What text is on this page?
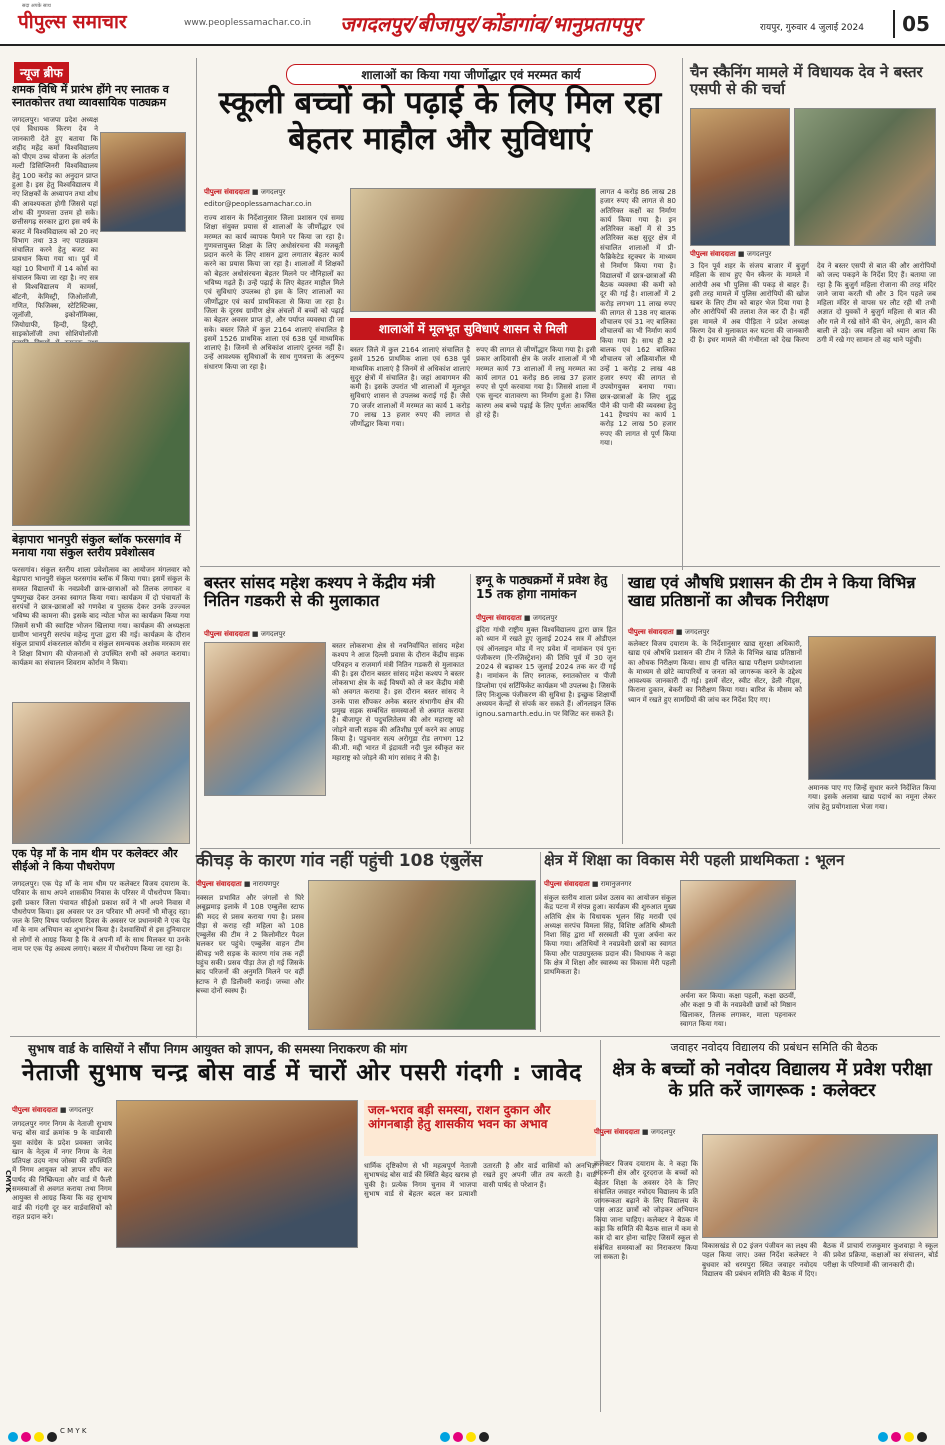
सदा अपके साथ
पीपुल्स समाचार	www.peoplessamachar.co.in जगदलपुर/बीजापुर/कोंडागांव/भानुप्रतापपुर	रायपुर, गुरुवार 4 जुलाई 2024	05
न्यूज ब्रीफ
शमक विधि में प्रारंभ होंगे नए स्नातक व स्नातकोत्तर तथा व्यावसायिक पाठ्यक्रम
जगदलपुर। भाजपा प्रदेश अध्यक्ष एवं विधायक किरण देव ने जानकारी देते हुए बताया कि शहीद महेंद्र कर्मा विश्वविद्यालय को पीएम उच्च योजना के अंतर्गत मल्टी डिसिप्लिनरी विश्वविद्यालय हेतु 100 करोड़ का अनुदान प्राप्त हुआ है। इस हेतु विश्वविद्यालय में नए शिक्षकों के अध्यापन तथा शोध की आवश्यकता होगी जिससे यहां शोध की गुणवत्ता उत्तम हो सके। छत्तीसगढ़ सरकार द्वारा इस वर्ष के बजट में विश्वविद्यालय को 20 नए विभाग तथा 33 नए पाठ्यक्रम संचालित करने हेतु बजट का प्रावधान किया गया था। पूर्व में यहां 10 विभागों में 14 कोर्स का संचालन किया जा रहा है। नए सत्र से विश्वविद्यालय में कामर्स, बॉटनी, केमिस्ट्री, जिओलॉजी, गणित, फिजिक्स, स्टेटिस्टिक्स, जूलॉजी, इकोनॉमिक्स, जियोग्राफी, हिन्दी, हिस्ट्री, साइकोलॉजी तथा सोशियोलॉजी
बेड़ापारा भानपुरी संकुल ब्लॉक फरसगांव में मनाया गया संकुल स्तरीय प्रवेशोत्सव
फरसगांव। संकुल स्तरीय शाला प्रवेशोत्सव का आयोजन मंगलवार को बेड़ापारा भानपुरी संकुल फरसगांव ब्लॉक में किया गया। इसमें संकुल के समस्त विद्यालयों के नवप्रवेशी छात्र-छात्राओं को तिलक लगाकर व पुष्पगुच्छ देकर उनका स्वागत किया गया। कार्यक्रम में दो पंचायतों के सरपंचों ने छात्र-छात्राओं को गणवेश व पुस्तक देकर उनके उज्ज्वल भविष्य की कामना की। इसके बाद न्योता भोज का कार्यक्रम किया गया जिसमें सभी की स्वादिष्ट भोजन खिलाया गया। कार्यक्रम की अध्यक्षता ग्रामीण भानपुरी सरपंच महेन्द्र गुप्ता द्वारा की गई। कार्यक्रम के दौरान संकुल प्राचार्य शंकरलाल कोर्राम व संकुल समन्वयक अशोक मरकाम सर ने शिक्षा विभाग की योजनाओं से उपस्थित सभी को अवगत कराया। कार्यक्रम का संचालन शिवराम कोर्राम ने किया।
एक पेड़ माँ के नाम थीम पर कलेक्टर और सीईओ ने किया पौधरोपण
जगदलपुर। एक पेड़ माँ के नाम थीम पर कलेक्टर विजय दयाराम के. परिवार के साथ अपने शासकीय निवास के परिसर में पौधरोपण किया। इसी प्रकार जिला पंचायत सीईओ प्रकाश सर्वे ने भी अपने निवास में पौधरोपण किया। इस अवसर पर उन परिवार भी अपनों भी मौजूद रहा। जल के लिए विषय पर्यावरण दिवस के अवसर पर प्रधानमंत्री ने एक पेड़ माँ के नाम अभियान का शुभारंभ किया है। देशवासियों से इस दुनियादार से लोगों से आग्रह किया है कि वे अपनी माँ के साथ मिलकर या उनके नाम पर एक पेड़ अवश्य लगाएं। बस्तर में पौधरोपण किया जा रहा है।
शालाओं का किया गया जीर्णोद्धार एवं मरम्मत कार्य
स्कूली बच्चों को पढ़ाई के लिए मिल रहा बेहतर माहौल और सुविधाएं
पीपुल्स संवाददाता ■ जगदलपुर
editor@peoplessamachar.co.in
राज्य शासन के निर्देशानुसार जिला प्रशासन एवं समग्र शिक्षा संयुक्त प्रयास से शालाओं के जीर्णोद्धार एवं मरम्मत का कार्य व्यापक पैमाने पर किया जा रहा है। गुणवत्तायुक्त शिक्षा के लिए अधोसंरचना की मजबूती प्रदान करने के लिए शासन द्वारा लगातार बेहतर कार्य करने का प्रयास किया जा रहा है। शालाओं में शिक्षकों को बेहतर अधोसंरचना बेहतर मिलने पर नौनिहालों का भविष्य गढ़ते हैं। उन्हें पढ़ाई के लिए बेहतर माहौल मिले एवं सुविधाएं उपलब्ध हो इस के लिए शालाओं का जीर्णोद्धार एवं कार्य प्राथमिकता से किया जा रहा है। जिला के दूरस्थ ग्रामीण क्षेत्र अंचलों में बच्चों को पढ़ाई का बेहतर अवसर प्राप्त हो, और पर्याप्त व्यवस्था दी जा सके। बस्तर जिले में कुल 2164 शालाएं संचालित है इसमें 1526 प्राथमिक शाला एवं 638 पूर्व माध्यमिक शालाएं है। जिनमें से अधिकांश शालाएं दुरुस्त नहीं है। उन्हें आवश्यक सुविधाओं के साथ गुणवत्ता के अनुरूप संधारण किया जा रहा है।
लागत 4 करोड़ 86 लाख 28 हजार रुपए की लागत से 80 अतिरिक्त कक्षों का निर्माण कार्य किया गया है। इन अतिरिक्त कक्षों में से 35 अतिरिक्त कक्ष सुदूर क्षेत्र में संचालित शालाओं में प्री-फैब्रिकेटेड स्ट्रक्चर के माध्यम से निर्माण किया गया है। विद्यालयों में छात्र-छात्राओं की बैठक व्यवस्था की कमी को दूर की गई है। शालाओं में 2 करोड़ लगभग 11 लाख रुपए की लागत से 138 नए बालक शौचालय एवं 31 नए बालिका शौचालयों का भी निर्माण कार्य किया गया है। साथ ही 82 बालक एवं 162 बालिका शौचालय जो अक्रियाशील थी उन्हें 1 करोड़ 2 लाख 48 हजार रुपए की लागत से उपयोगयुक्त बनाया गया। छात्र-छात्राओं के लिए शुद्ध पीने की पानी की व्यवस्था हेतु 141 हैण्डपंप का कार्य 1 करोड़ 12 लाख 50 हजार रुपए की लागत से पूर्ण किया गया।
शालाओं में मूलभूत सुविधाएं शासन से मिली
बस्तर जिले में कुल 2164 शालाएं संचालित है इसमें 1526 प्राथमिक शाला एवं 638 पूर्व माध्यमिक शालाएं है जिनमें से अधिकांश शालाएं सुदूर क्षेत्रों में संचालित है। जहां आवागमन की कमी है। इसके उपरांत भी शालाओं में मूलभूत सुविधाएं शासन से उपलब्ध कराई गई हैं। जैसे 70 जर्जर शालाओं में मरम्मत का कार्य 1 करोड़ 70 लाख 13 हजार रुपए की लागत से जीर्णोद्धार किया गया।
रुपए की लागत से जीर्णोद्धार किया गया है। इसी प्रकार आदिवासी क्षेत्र के जर्जर शालाओं में भी मरम्मत कार्य 73 शालाओं में लघु मरम्मत का कार्य लागत 01 करोड़ 86 लाख 37 हजार रुपए से पूर्ण करवाया गया है। जिससे शाला में एक सुन्दर वातावरण का निर्माण हुआ है। जिस कारण अब बच्चे पढ़ाई के लिए पूर्णतः आकर्षित हो रहे हैं।
चैन स्कैनिंग मामले में विधायक देव ने बस्तर एसपी से की चर्चा
पीपुल्स संवाददाता ■ जगदलपुर
3 दिन पूर्व शहर के संजय बाजार में बुजुर्ग महिला के साथ हुए चैन स्कैनर के मामले में आरोपी अब भी पुलिस की पकड़ से बाहर हैं। इसी तरह मामले में पुलिस आरोपियों की खोज खबर के लिए टीम को बाहर भेज दिया गया है और आरोपियों की तलाश तेज कर दी है। वहीं इस मामले में अब पीड़िता ने प्रदेश अध्यक्ष किरण देव से मुलाकात कर घटना की जानकारी दी है। इधर मामले की गंभीरता को देख किरण देव ने बस्तर एसपी से बात की और आरोपियों को जल्द पकड़ने के निर्देश दिए हैं। बताया जा रहा है कि बुजुर्ग महिला रोजाना की तरह मंदिर जाने जाया करती थी और 3 दिन पहले जब महिला मंदिर से वापस घर लौट रही थी तभी अज्ञात दो युवकों ने बुजुर्ग महिला से बात की और गले में रखे सोने की चेन, अंगूठी, कान की बाली ले उड़े। जब महिला को ध्यान आया कि ठगी में रखे गए सामान तो वह थाने पहुंची।
बस्तर सांसद महेश कश्यप ने केंद्रीय मंत्री नितिन गडकरी से की मुलाकात
पीपुल्स संवाददाता ■ जगदलपुर
बस्तर लोकसभा क्षेत्र से नवनिर्वाचित सांसद महेश कश्यप ने आज दिल्ली प्रवास के दौरान केंद्रीय सड़क परिवहन व राजमार्ग मंत्री नितिन गडकरी से मुलाकात की है। इस दौरान बस्तर सांसद महेश कश्यप ने बस्तर लोकसभा क्षेत्र के कई विषयों को ले कर केंद्रीय मंत्री को अवगत कराया है। इस दौरान बस्तर सांसद ने उनके पास सौंपकर अनेक बस्तर संभागीय क्षेत्र की प्रमुख सड़क सम्बंधित समस्याओं से अवगत कराया है। बीजापुर से पदुचलितेलम की ओर महाराष्ट्र को जोड़ने वाली सड़क की अतिशीघ्र पूर्ण करने का आग्रह किया है। पडुचनार सत्य अरोगूडा रोड लगभग 12 की.मी. मद्दी भारत में इंद्रावती नदी पुल स्वीकृत कर महाराष्ट्र को जोड़ने की मांग सांसद ने की है।
इग्नू के पाठ्यक्रमों में प्रवेश हेतु 15 तक होगा नामांकन
पीपुल्स संवाददाता ■ जगदलपुर
इंदिरा गांधी राष्ट्रीय मुक्त विश्वविद्यालय द्वारा छात्र हित को ध्यान में रखते हुए जुलाई 2024 सत्र में ओडीएल एवं ऑनलाइन मोड में नए प्रवेश में नामांकन एवं पुनः पंजीकरण (रि-रजिस्ट्रेशन) की तिथि पूर्व में 30 जून 2024 से बढ़ाकर 15 जुलाई 2024 तक कर दी गई है। नामांकन के लिए स्नातक, स्नातकोत्तर व पीजी डिप्लोमा एवं सर्टिफिकेट कार्यक्रम भी उपलब्ध है। जिसके लिए निःशुल्क पंजीकरण की सुविधा है। इच्छुक शिक्षार्थी अध्ययन केन्द्रों से संपर्क कर सकते हैं। ऑनलाइन लिंक ignou.samarth.edu.in पर विजिट कर सकते हैं।
खाद्य एवं औषधि प्रशासन की टीम ने किया विभिन्न खाद्य प्रतिष्ठानों का औचक निरीक्षण
पीपुल्स संवाददाता ■ जगदलपुर
कलेक्टर विजय दयाराम के. के निर्देशानुसार खाद्य सुरक्षा अधिकारी, खाद्य एवं औषधि प्रशासन की टीम ने जिले के विभिन्न खाद्य प्रतिष्ठानों का औचक निरीक्षण किया। साथ ही चलित खाद्य परीक्षण प्रयोगशाला के माध्यम से छोटे व्यापारियों व जनता को जागरूक करने के उद्देश्य आवश्यक जानकारी दी गई। इसमें सेंटर, स्वीट सेंटर, डेली नीड्स, किराना दुकान, बेकरी का निरीक्षण किया गया। बारिश के मौसम को ध्यान में रखते हुए सामग्रियों की जांच कर निर्देश दिए गए।
अमानक पाए गए जिन्हें सुधार करने निर्देशित किया गया। इसके अलावा खाद्य पदार्थ का नमूना लेकर जांच हेतु प्रयोगशाला भेजा गया।
कीचड़ के कारण गांव नहीं पहुंची 108 एंबुलेंस
पीपुल्स संवाददाता ■ नारायणपुर
नक्सल प्रभावित और जंगलों से घिरे अबूझमाड़ इलाके में 108 एम्बुलेंस स्टाफ की मदद से प्रसव कराया गया है। प्रसव पीड़ा से कराह रही महिला को 108 एम्बुलेंस की टीम ने 2 किलोमीटर पैदल चलकर घर पहुंचे। एम्बुलेंस वाहन टीम कीचड़ भरी सड़क के कारण गांव तक नहीं पहुंच सकी। प्रसव पीड़ा तेज हो गई जिसके बाद परिजनों की अनुमति मिलने पर वहीं स्टाफ ने ही डिलीवरी कराई। जच्चा और बच्चा दोनों स्वस्थ हैं।
क्षेत्र में शिक्षा का विकास मेरी पहली प्राथमिकता : भूलन
पीपुल्स संवाददाता ■ रामानुजनगर
संकुल स्तरीय शाला प्रवेश उत्सव का आयोजन संकुल केंद्र पटना में संपन्न हुआ। कार्यक्रम की शुरुआत मुख्य अतिथि क्षेत्र के विधायक भूलन सिंह मरावी एवं अध्यक्ष सरपंच विमला सिंह, विशिष्ट अतिथि श्रीमती निशा सिंह द्वारा माँ सरस्वती की पूजा अर्चना कर किया गया। अतिथियों ने नवप्रवेशी छात्रों का स्वागत किया और पाठ्यपुस्तक प्रदान की। विधायक ने कहा कि क्षेत्र में शिक्षा और स्वास्थ्य का विकास मेरी पहली प्राथमिकता है।
अर्चना कर किया। कक्षा पहली, कक्षा छठवीं, और कक्षा 9 वीं के नवप्रवेशी छात्रों को मिष्ठान खिलाकर, तिलक लगाकर, माला पहनाकर स्वागत किया गया।
सुभाष वार्ड के वासियों ने सौंपा निगम आयुक्त को ज्ञापन, की समस्या निराकरण की मांग
नेताजी सुभाष चन्द्र बोस वार्ड में चारों ओर पसरी गंदगी : जावेद
पीपुल्स संवाददाता ■ जगदलपुर
जगदलपुर नगर निगम के नेताजी सुभाष चन्द्र बोस वार्ड क्रमांक 9 के वार्डवासी युवा कांग्रेस के प्रदेश प्रवक्ता जावेद खान के नेतृत्व में नगर निगम के नेता प्रतिपक्ष उदय नाथ जोस्वा की उपस्थिति में निगम आयुक्त को ज्ञापन सौंप कर पार्षद की निष्क्रियता और वार्ड में फैली समस्याओं से अवगत कराया तथा निगम आयुक्त से आग्रह किया कि वह सुभाष वार्ड की गंदगी दूर कर वार्डवासियों को राहत प्रदान करे।
जल-भराव बड़ी समस्या, राशन दुकान और आंगनबाड़ी हेतु शासकीय भवन का अभाव
धार्मिक दृष्टिकोण से भी महत्वपूर्ण नेताजी सुभाषचंद्र बोस वार्ड की स्थिति बेहद खराब हो चुकी है। प्रत्येक निगम चुनाव में भाजपा सुभाष वार्ड से बेहतर बदल कर प्रत्याशी उतारती है और वार्ड वासियों को अनभिज्ञ रखते हुए अपनी जीत तय करती है। वार्ड वासी पार्षद से परेशान हैं।
जवाहर नवोदय विद्यालय की प्रबंधन समिति की बैठक
क्षेत्र के बच्चों को नवोदय विद्यालय में प्रवेश परीक्षा के प्रति करें जागरूक : कलेक्टर
पीपुल्स संवाददाता ■ जगदलपुर
कलेक्टर विजय दयाराम के. ने कहा कि अंदरूनी क्षेत्र और दूरदराज के बच्चों को बेहतर शिक्षा के अवसर देने के लिए संचालित जवाहर नवोदय विद्यालय के प्रति जागरूकता बढ़ाने के लिए विद्यालय के पास आउट छात्रों को जोड़कर अभियान किया जाना चाहिए। कलेक्टर ने बैठक में कहा कि समिति की बैठक साल में कम से कम दो बार होना चाहिए जिसमें स्कूल से संबंधित समस्याओं का निराकरण किया जा सकता है।
विकासखंड से 02 इंजन पंजीयन का लक्ष्य की पहल किया जाए। उक्त निर्देश कलेक्टर ने बुधवार को धरमपुरा स्थित जवाहर नवोदय विद्यालय की प्रबंधन समिति की बैठक में दिए। बैठक में प्राचार्य राजकुमार कुशवाहा ने स्कूल की प्रवेश प्रक्रिया, कक्षाओं का संचालन, बोर्ड परीक्षा के परिणामों की जानकारी दी।
CMYK
C M Y K
